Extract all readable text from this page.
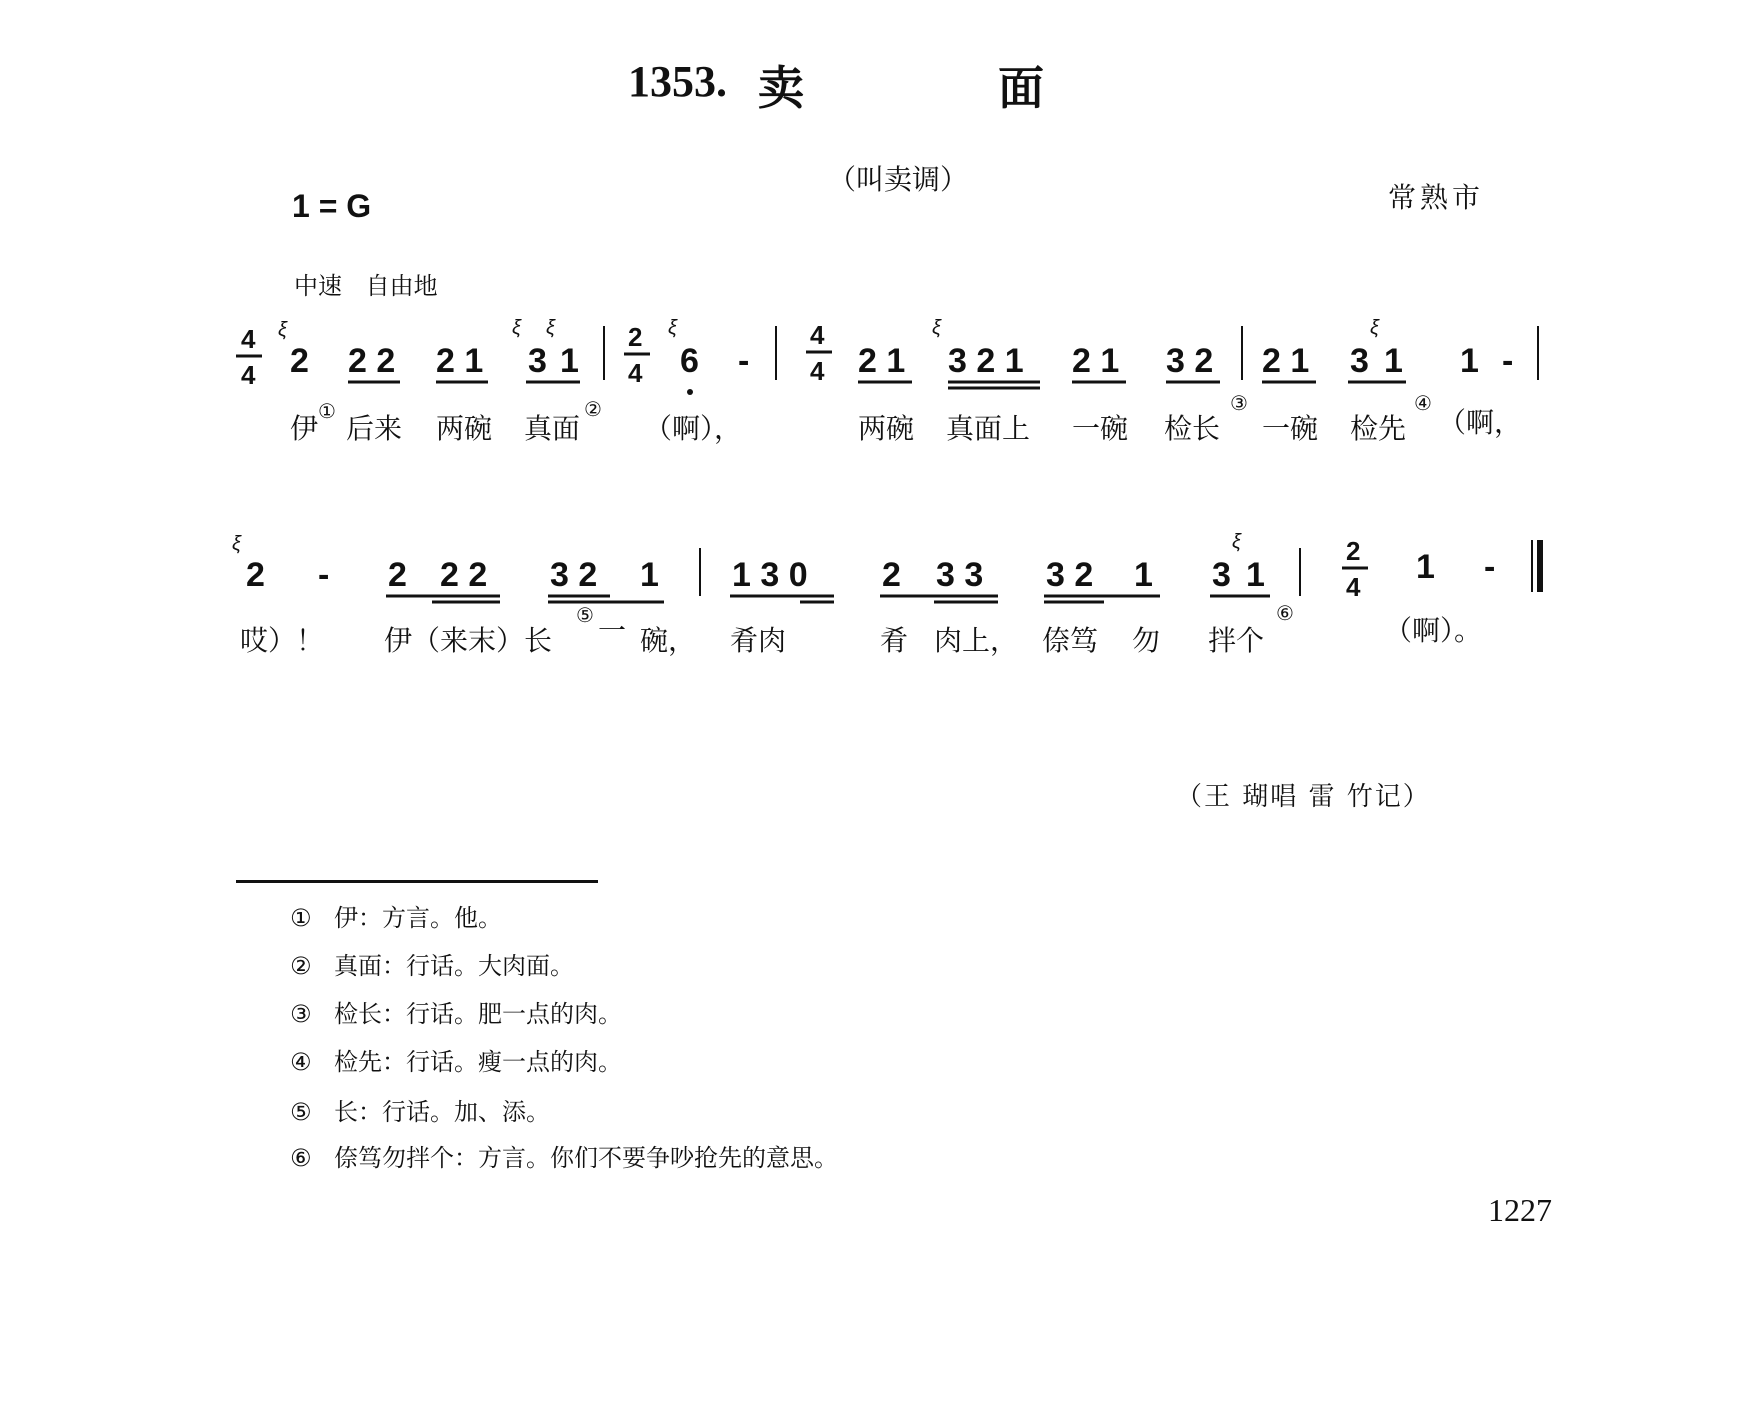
1353. 卖	面
（叫卖调）
1 = G	常熟市
中速 自由地
4
4
ξ
2 2 2 2 1
ξ
3
ξ
1
2
4
ξ
6 -
4
4 2 1
ξ
3 2 1 2 1 3 2 2 1 3
ξ
1 1 -
伊
①
后来 两碗 真面
②
（啊），	两碗 真面上 一碗 检长
③
一碗 检先
④
（啊，
ξ
2 - 2 2 2 3 2 1 1 3 0 2 3 3 3 2 1 3
ξ
1
2
4
1 -
哎）！ 伊（来末）长
⑤ 一 碗， 肴肉	肴 肉上， 倷笃 勿 拌个
⑥
（啊）。
（王 瑚唱 雷 竹记）
① 伊：方言。他。
② 真面：行话。大肉面。
③ 检长：行话。肥一点的肉。
④ 检先：行话。瘦一点的肉。
⑤ 长：行话。加、添。
⑥ 倷笃勿拌个：方言。你们不要争吵抢先的意思。
1227
